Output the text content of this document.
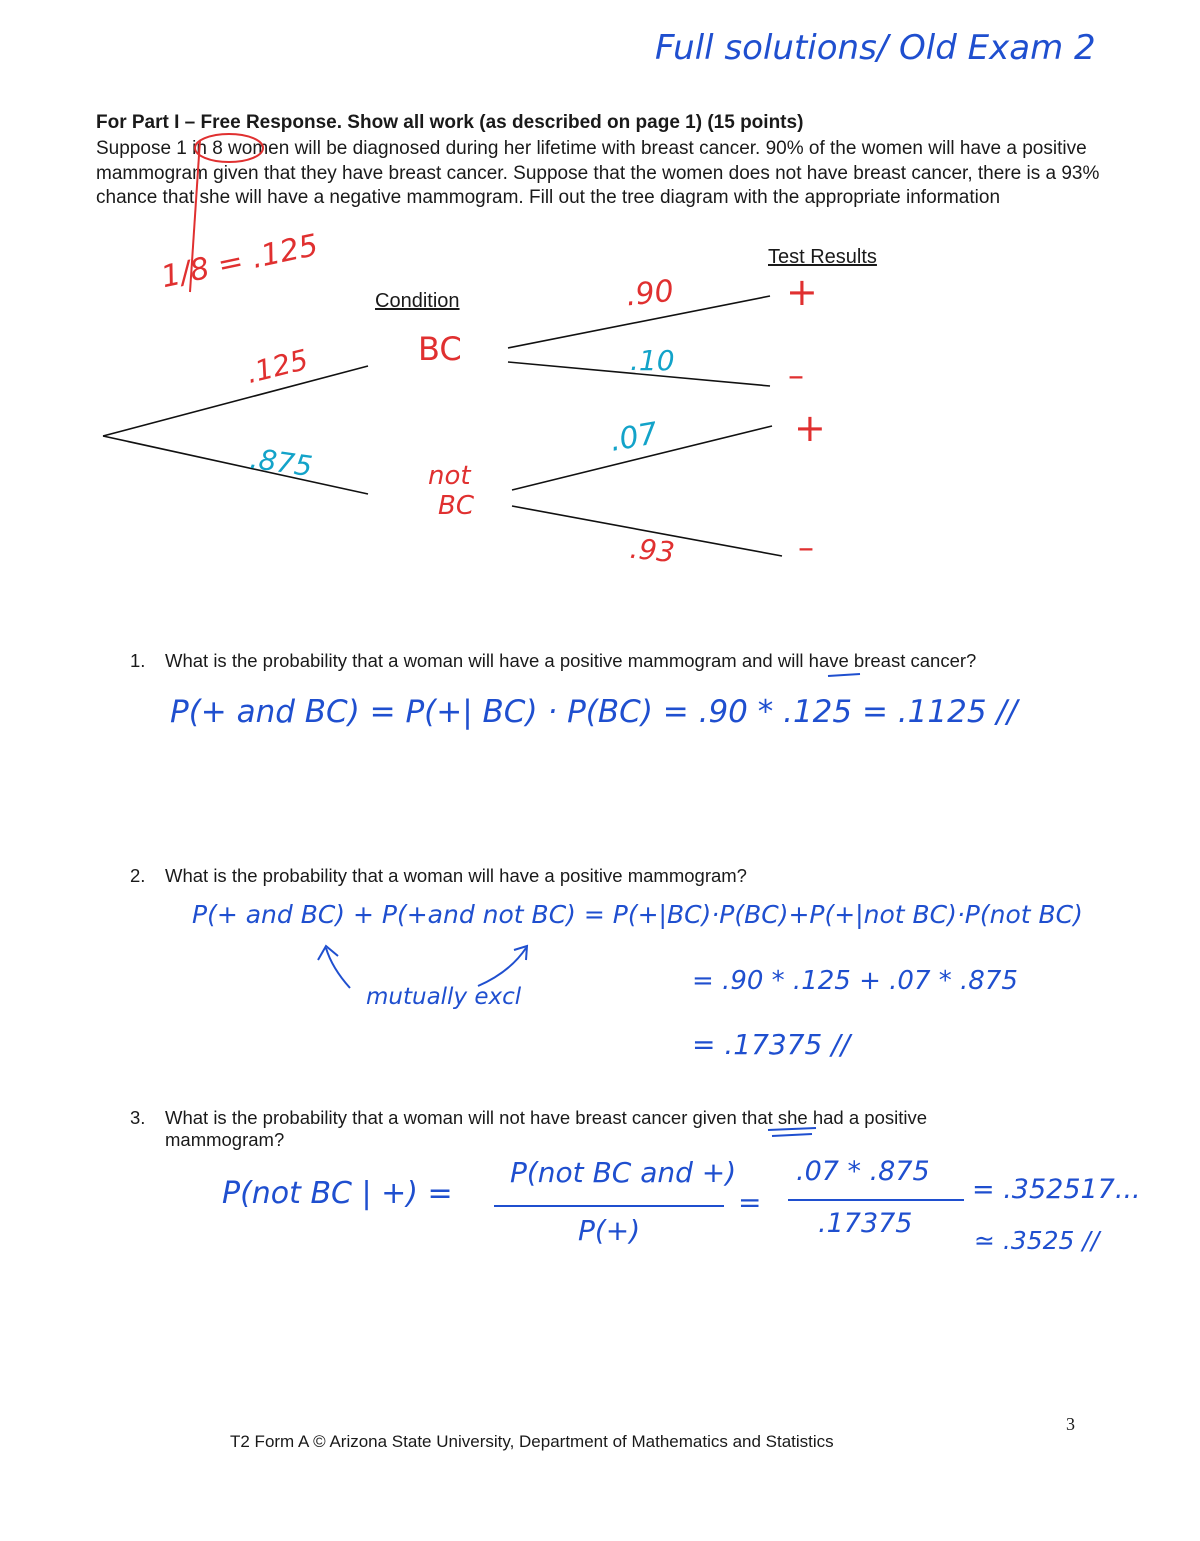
Full solutions/ Old Exam 2
For Part I – Free Response. Show all work (as described on page 1) (15 points)
Suppose 1 in 8 women will be diagnosed during her lifetime with breast cancer. 90% of the women will have a positive mammogram given that they have breast cancer. Suppose that the women does not have breast cancer, there is a 93% chance that she will have a negative mammogram. Fill out the tree diagram with the appropriate information
1/8 = .125	Test Results
Condition
BC
not
BC
.125
.875
.90
.10
.07
.93
+
–
+
–
1. What is the probability that a woman will have a positive mammogram and will have breast cancer?
P(+ and BC) = P(+| BC) · P(BC) = .90 * .125 = .1125 //
2. What is the probability that a woman will have a positive mammogram?
P(+ and BC) + P(+and not BC) = P(+|BC)·P(BC)+P(+|not BC)·P(not BC)
mutually excl
= .90 * .125 + .07 * .875
= .17375 //
3. What is the probability that a woman will not have breast cancer given that she had a positive
mammogram?
P(not BC | +) =
P(not BC and +)
P(+)
=
.07 * .875
.17375
= .352517...
≃ .3525 //
T2 Form A © Arizona State University, Department of Mathematics and Statistics
3
